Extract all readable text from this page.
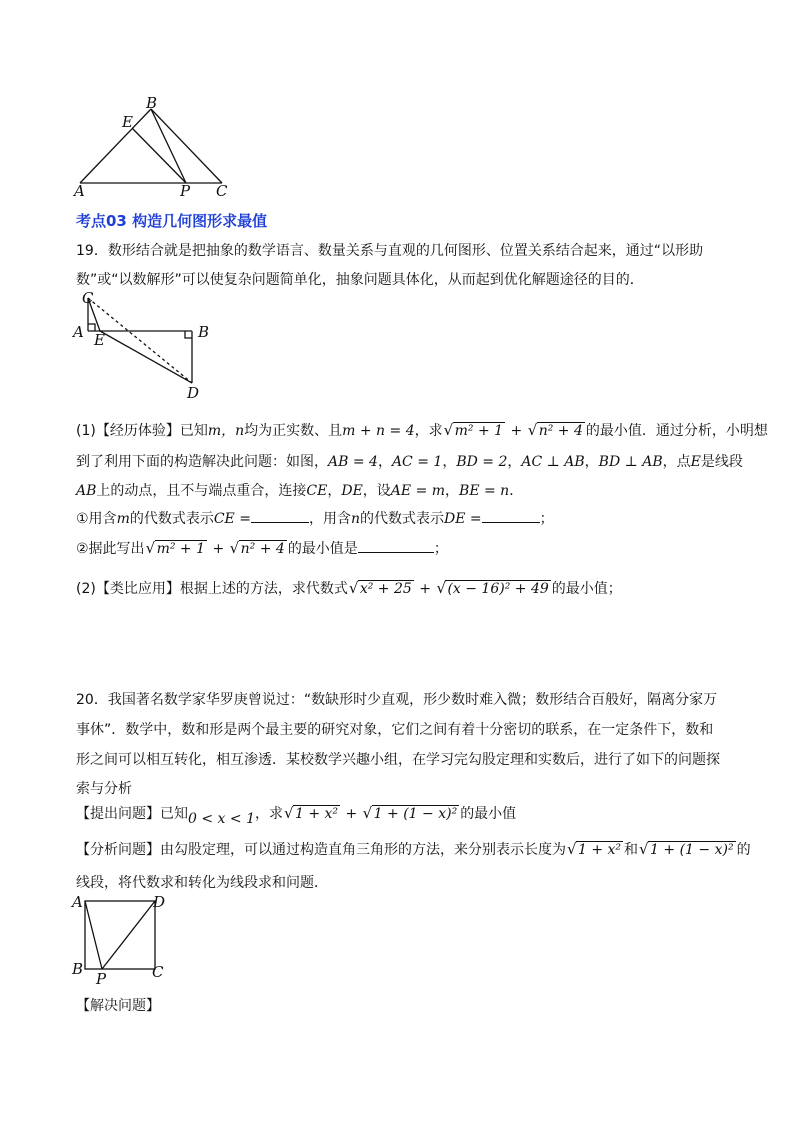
B
E
A	P C
考点03 构造几何图形求最值
19．数形结合就是把抽象的数学语言、数量关系与直观的几何图形、位置关系结合起来，通过“以形助
数”或“以数解形”可以使复杂问题简单化，抽象问题具体化，从而起到优化解题途径的目的．
C
A E	B
D
(1)【经历体验】已知m，n均为正实数、且m + n = 4，求 √ m² + 1 + √ n² + 4 的最小值．通过分析，小明想
到了利用下面的构造解决此问题：如图，AB = 4，AC = 1，BD = 2，AC ⊥ AB，BD ⊥ AB，点E是线段
AB上的动点，且不与端点重合，连接CE，DE，设AE = m，BE = n．
①用含m的代数式表示CE =	，用含n的代数式表示DE =	；
②据此写出 √ m² + 1 + √ n² + 4 的最小值是	；
(2)【类比应用】根据上述的方法，求代数式 √ x² + 25 + √ (x − 16)² + 49 的最小值；
20．我国著名数学家华罗庚曾说过：“数缺形时少直观，形少数时难入微；数形结合百般好，隔离分家万
事休”．数学中，数和形是两个最主要的研究对象，它们之间有着十分密切的联系，在一定条件下，数和
形之间可以相互转化，相互渗透．某校数学兴趣小组，在学习完勾股定理和实数后，进行了如下的问题探
索与分析
【提出问题】已知0 < x < 1，求 √ 1 + x² + √ 1 + (1 − x)² 的最小值
【分析问题】由勾股定理，可以通过构造直角三角形的方法，来分别表示长度为 √ 1 + x² 和 √ 1 + (1 − x)² 的
线段，将代数求和转化为线段求和问题．
A	D
B
P	C
【解决问题】
